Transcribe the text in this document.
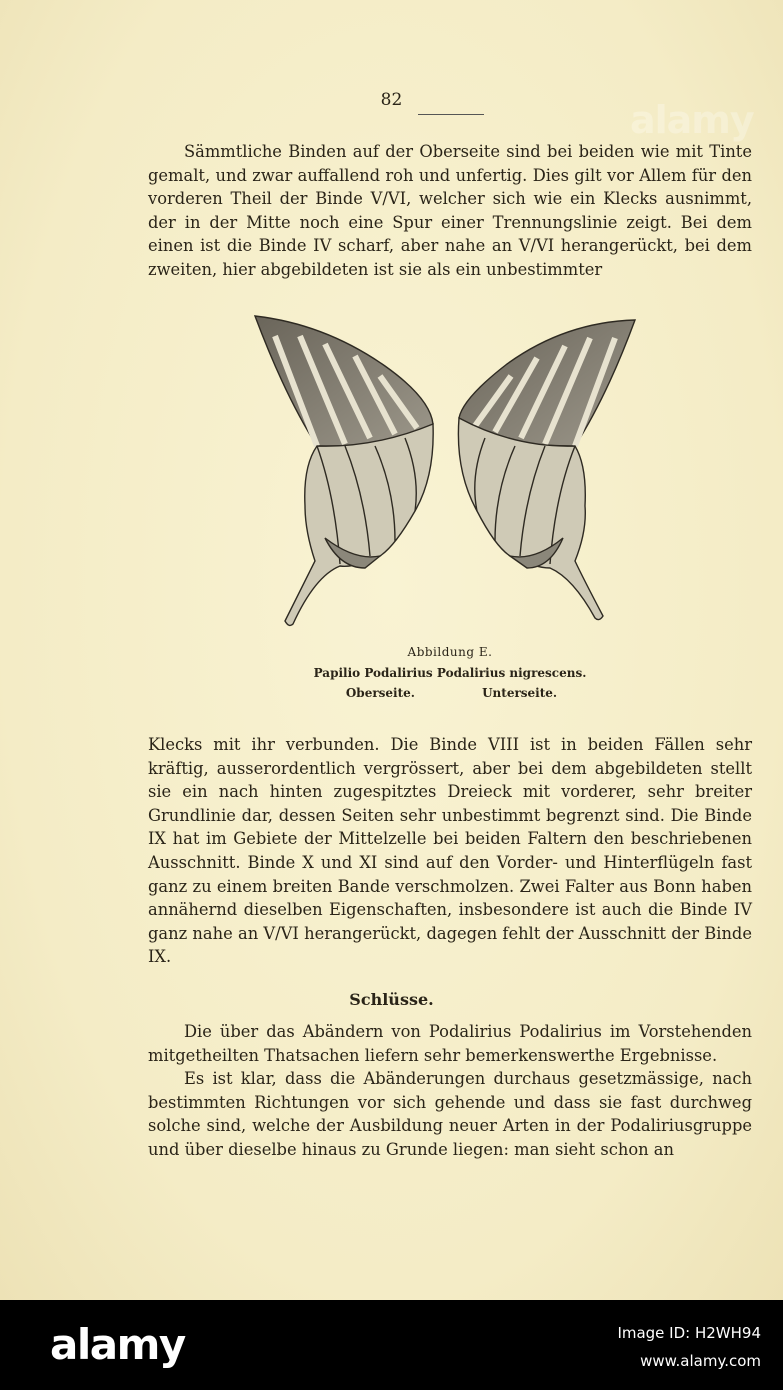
82	alamy

Sämmtliche Binden auf der Oberseite sind bei beiden wie mit Tinte gemalt, und zwar auffallend roh und unfertig. Dies gilt vor Allem für den vorderen Theil der Binde V/VI, welcher sich wie ein Klecks ausnimmt, der in der Mitte noch eine Spur einer Trennungslinie zeigt. Bei dem einen ist die Binde IV scharf, aber nahe an V/VI herangerückt, bei dem zweiten, hier abgebildeten ist sie als ein unbestimmter

Abbildung E.
Papilio Podalirius Podalirius nigrescens.
Oberseite.	Unterseite.

Klecks mit ihr verbunden. Die Binde VIII ist in beiden Fällen sehr kräftig, ausserordentlich vergrössert, aber bei dem abgebildeten stellt sie ein nach hinten zugespitztes Dreieck mit vorderer, sehr breiter Grundlinie dar, dessen Seiten sehr unbestimmt begrenzt sind. Die Binde IX hat im Gebiete der Mittelzelle bei beiden Faltern den beschriebenen Ausschnitt. Binde X und XI sind auf den Vorder- und Hinterflügeln fast ganz zu einem breiten Bande verschmolzen. Zwei Falter aus Bonn haben annähernd dieselben Eigenschaften, insbesondere ist auch die Binde IV ganz nahe an V/VI herangerückt, dagegen fehlt der Ausschnitt der Binde IX.

Schlüsse.

Die über das Abändern von Podalirius Podalirius im Vorstehenden mitgetheilten Thatsachen liefern sehr bemerkenswerthe Ergebnisse.

Es ist klar, dass die Abänderungen durchaus gesetzmässige, nach bestimmten Richtungen vor sich gehende und dass sie fast durchweg solche sind, welche der Ausbildung neuer Arten in der Podaliriusgruppe und über dieselbe hinaus zu Grunde liegen: man sieht schon an

alamy	Image ID: H2WH94
www.alamy.com
